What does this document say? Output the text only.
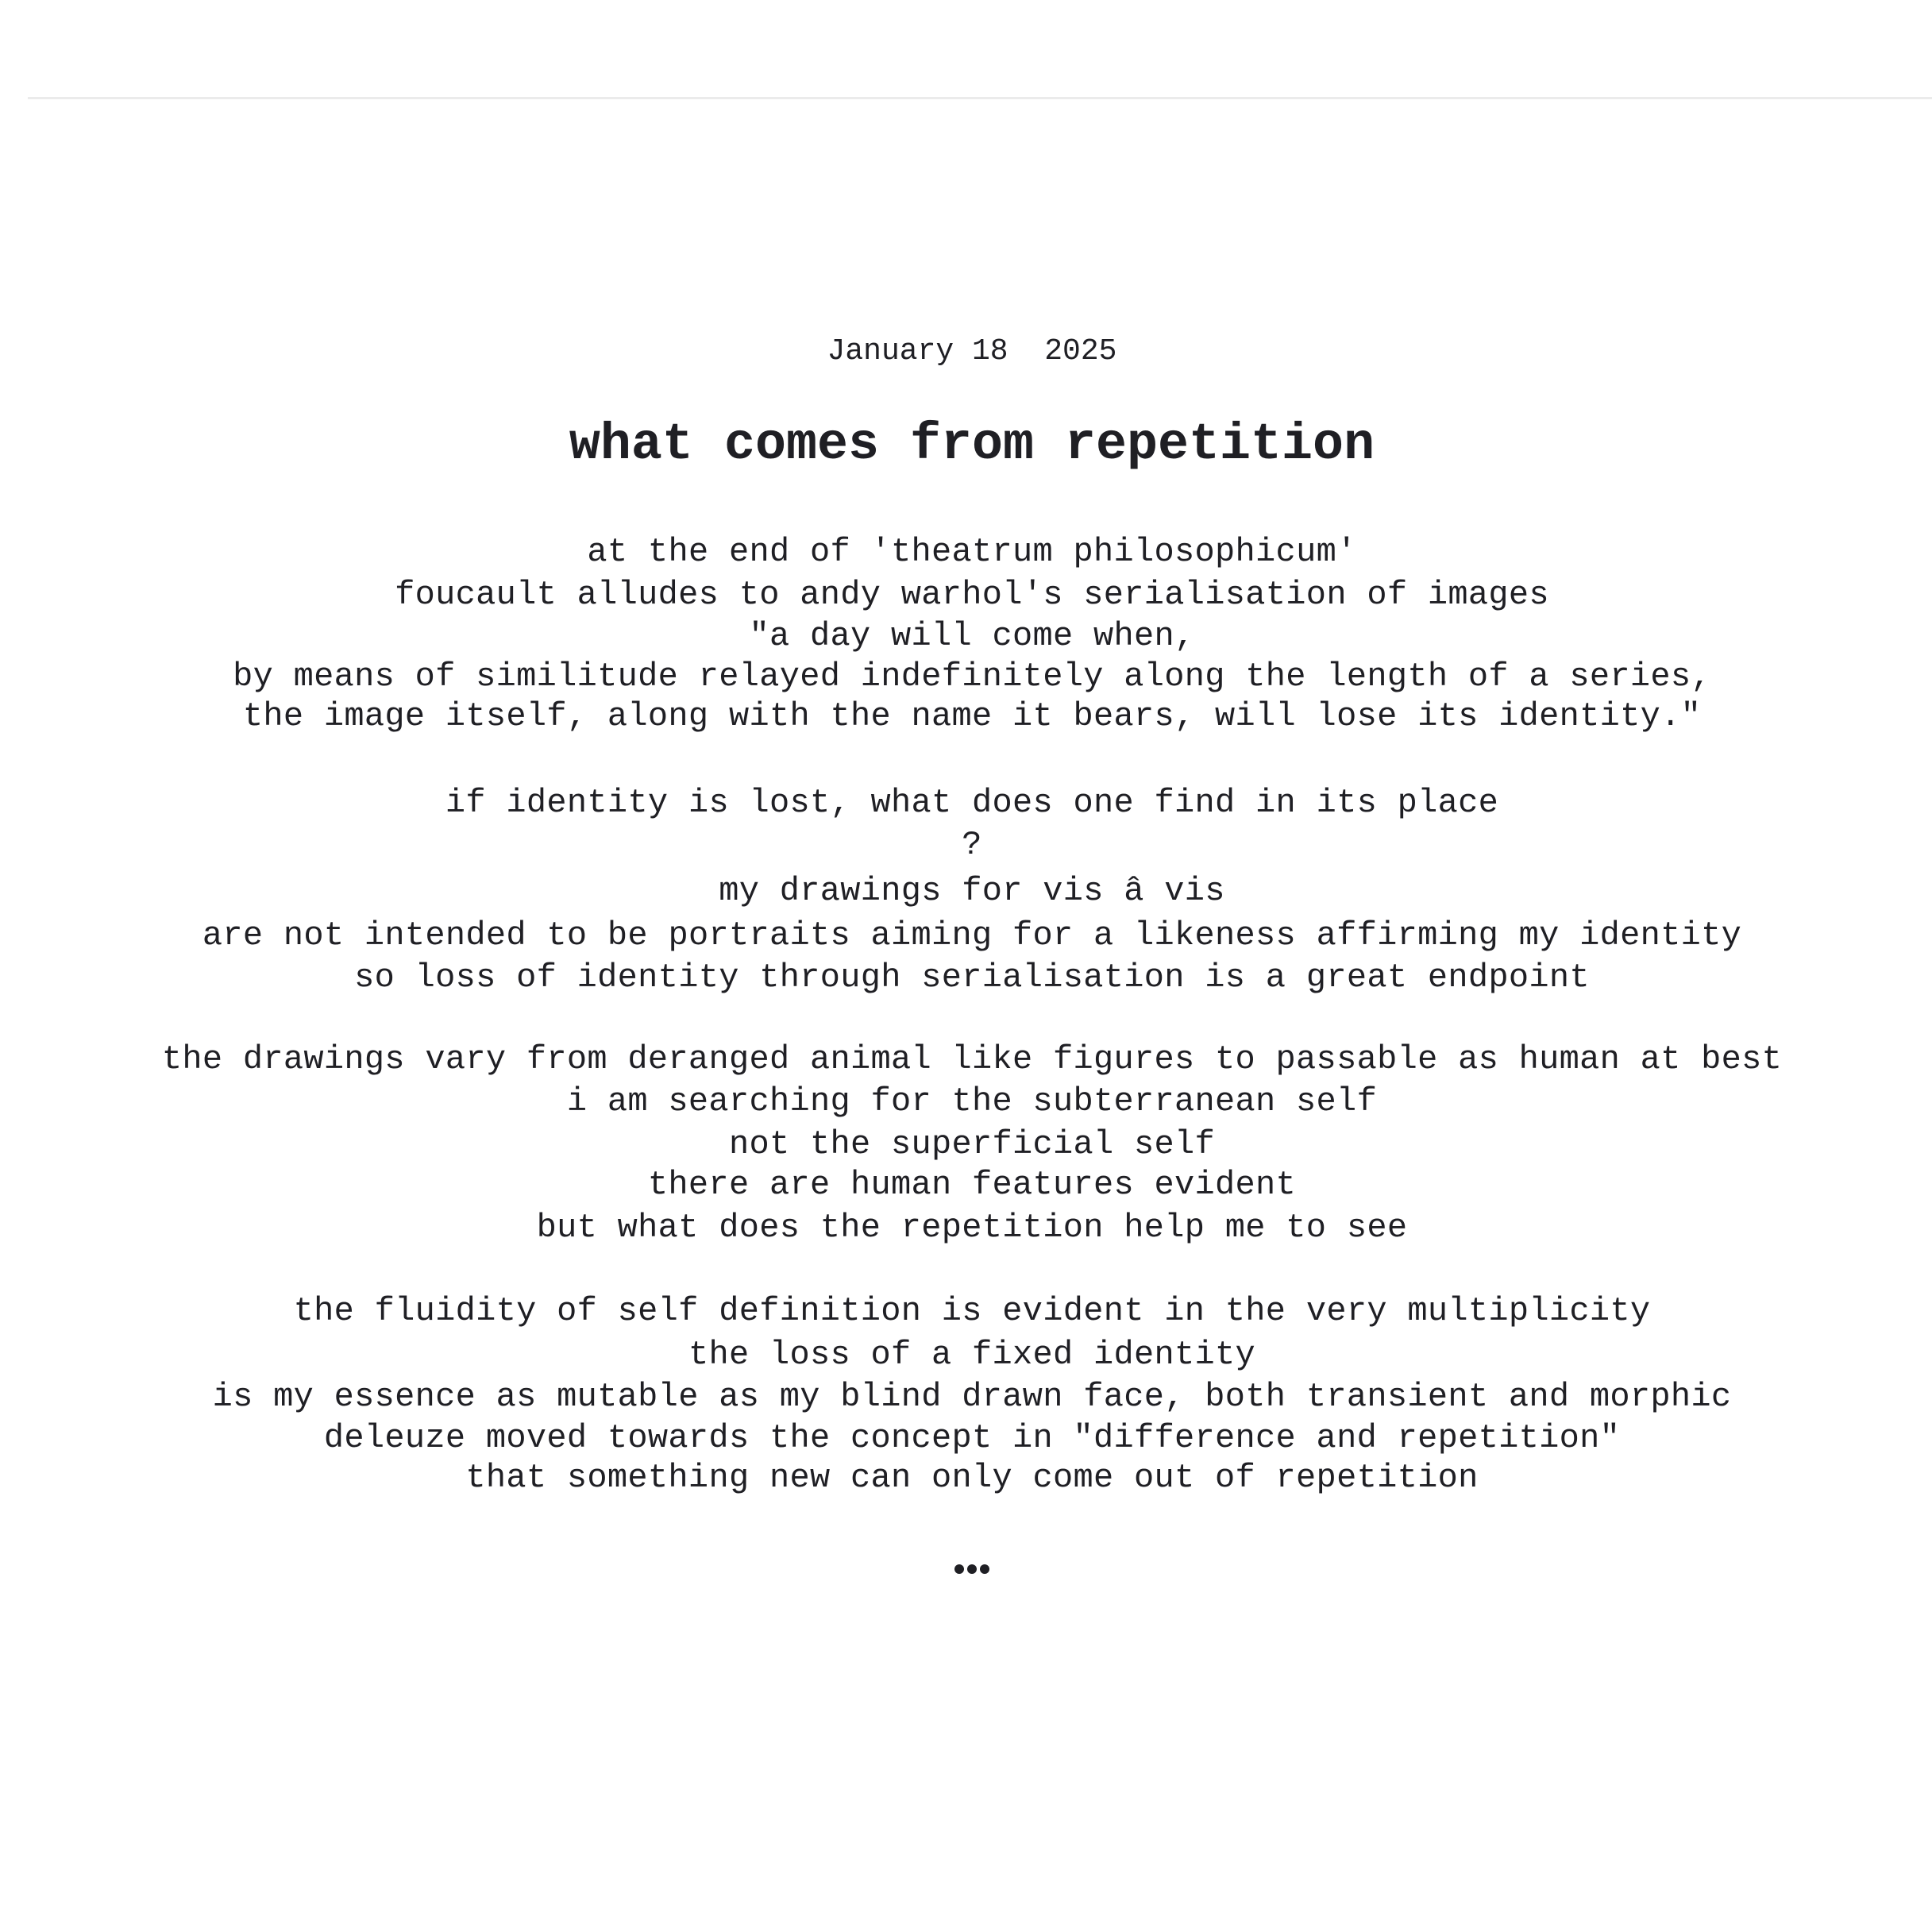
January 18  2025
what comes from repetition
at the end of 'theatrum philosophicum'
foucault alludes to andy warhol's serialisation of images
"a day will come when,
by means of similitude relayed indefinitely along the length of a series,
the image itself, along with the name it bears, will lose its identity."
if identity is lost, what does one find in its place
?
my drawings for vis â vis
are not intended to be portraits aiming for a likeness affirming my identity
so loss of identity through serialisation is a great endpoint
the drawings vary from deranged animal like figures to passable as human at best
i am searching for the subterranean self
not the superficial self
there are human features evident
but what does the repetition help me to see
the fluidity of self definition is evident in the very multiplicity
the loss of a fixed identity
is my essence as mutable as my blind drawn face, both transient and morphic
deleuze moved towards the concept in "difference and repetition"
that something new can only come out of repetition
